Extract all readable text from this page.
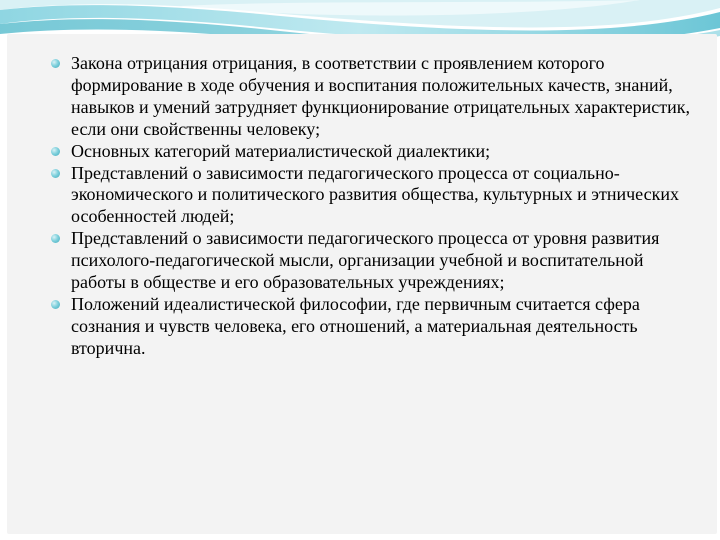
Закона отрицания отрицания, в соответствии с проявлением которого формирование в ходе обучения и воспитания положительных качеств, знаний, навыков и умений затрудняет функционирование отрицательных характеристик, если они свойственны человеку;
Основных категорий материалистической диалектики;
Представлений о зависимости педагогического процесса от социально-экономического и политического развития общества, культурных и этнических особенностей людей;
Представлений о зависимости педагогического процесса от уровня развития психолого-педагогической мысли, организации учебной и воспитательной работы в обществе и его образовательных учреждениях;
Положений идеалистической философии, где первичным считается сфера сознания и чувств человека, его отношений, а материальная деятельность вторична.
